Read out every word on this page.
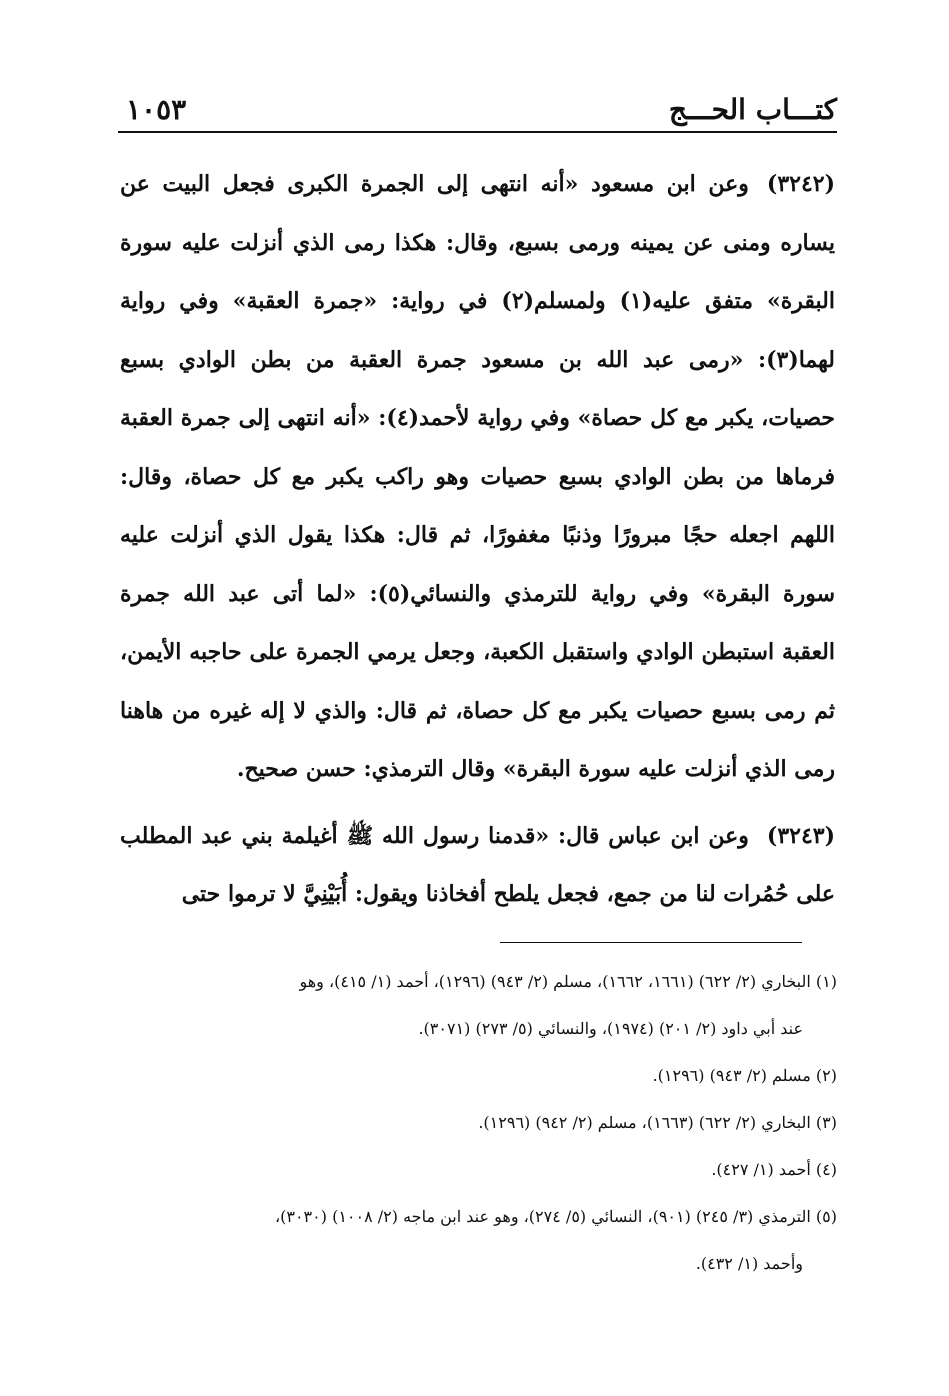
كتـــاب الحـــج
١٠٥٣

(٣٢٤٢)وعن ابن مسعود «أنه انتهى إلى الجمرة الكبرى فجعل البيت عن يساره ومنى عن يمينه ورمى بسبع، وقال: هكذا رمى الذي أنزلت عليه سورة البقرة» متفق عليه(١) ولمسلم(٢) في رواية: «جمرة العقبة» وفي رواية لهما(٣): «رمى عبد الله بن مسعود جمرة العقبة من بطن الوادي بسبع حصيات، يكبر مع كل حصاة» وفي رواية لأحمد(٤): «أنه انتهى إلى جمرة العقبة فرماها من بطن الوادي بسبع حصيات وهو راكب يكبر مع كل حصاة، وقال: اللهم اجعله حجًا مبرورًا وذنبًا مغفورًا، ثم قال: هكذا يقول الذي أنزلت عليه سورة البقرة» وفي رواية للترمذي والنسائي(٥): «لما أتى عبد الله جمرة العقبة استبطن الوادي واستقبل الكعبة، وجعل يرمي الجمرة على حاجبه الأيمن، ثم رمى بسبع حصيات يكبر مع كل حصاة، ثم قال: والذي لا إله غيره من هاهنا رمى الذي أنزلت عليه سورة البقرة» وقال الترمذي: حسن صحيح.

(٣٢٤٣)وعن ابن عباس قال: «قدمنا رسول الله ﷺ أغيلمة بني عبد المطلب على حُمُرات لنا من جمع، فجعل يلطح أفخاذنا ويقول: أُبَيْنِيَّ لا ترموا حتى

(١) البخاري (٢/ ٦٢٢) (١٦٦١، ١٦٦٢)، مسلم (٢/ ٩٤٣) (١٢٩٦)، أحمد (١/ ٤١٥)، وهو
عند أبي داود (٢/ ٢٠١) (١٩٧٤)، والنسائي (٥/ ٢٧٣) (٣٠٧١).

(٢) مسلم (٢/ ٩٤٣) (١٢٩٦).

(٣) البخاري (٢/ ٦٢٢) (١٦٦٣)، مسلم (٢/ ٩٤٢) (١٢٩٦).

(٤) أحمد (١/ ٤٢٧).

(٥) الترمذي (٣/ ٢٤٥) (٩٠١)، النسائي (٥/ ٢٧٤)، وهو عند ابن ماجه (٢/ ١٠٠٨) (٣٠٣٠)،
وأحمد (١/ ٤٣٢).
